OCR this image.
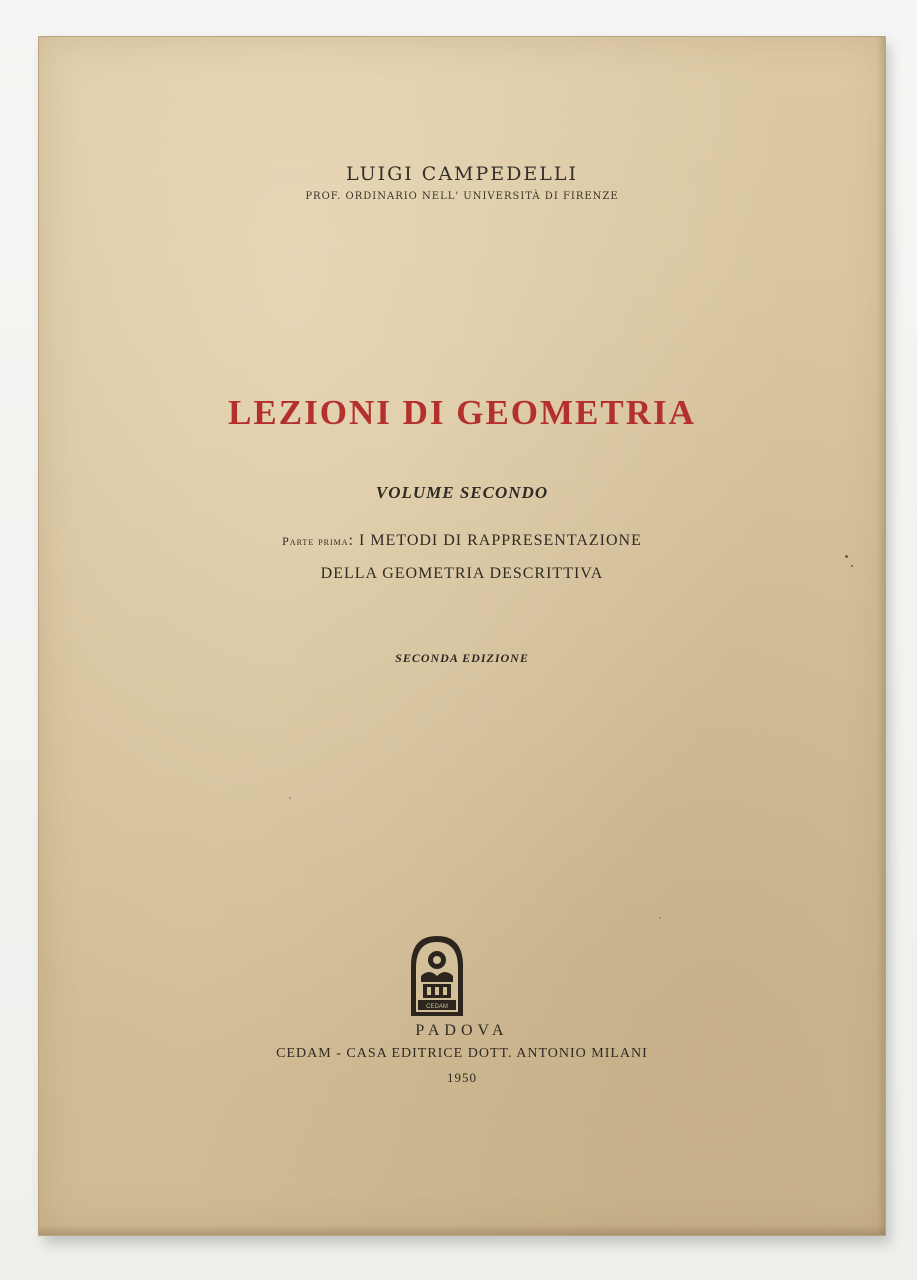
LUIGI CAMPEDELLI
PROF. ORDINARIO NELL' UNIVERSITÀ DI FIRENZE
LEZIONI DI GEOMETRIA
VOLUME SECONDO
Parte prima: I METODI DI RAPPRESENTAZIONE
DELLA GEOMETRIA DESCRITTIVA
SECONDA EDIZIONE
CEDAM
PADOVA
CEDAM - CASA EDITRICE DOTT. ANTONIO MILANI
1950
